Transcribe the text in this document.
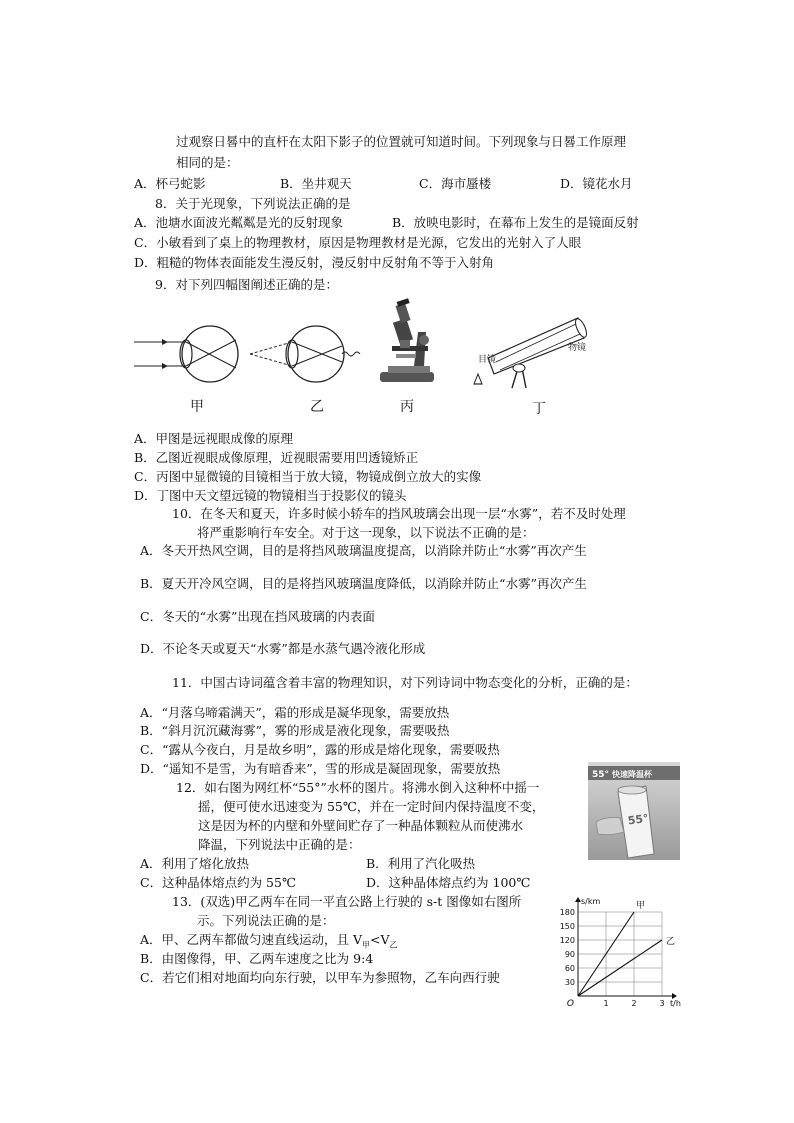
过观察日晷中的直杆在太阳下影子的位置就可知道时间。下列现象与日晷工作原理
相同的是：
A．杯弓蛇影	B．坐井观天	C．海市蜃楼	D．镜花水月
8．关于光现象，下列说法正确的是
A．池塘水面波光粼粼是光的反射现象	B．放映电影时，在幕布上发生的是镜面反射
C．小敏看到了桌上的物理教材，原因是物理教材是光源，它发出的光射入了人眼
D．粗糙的物体表面能发生漫反射，漫反射中反射角不等于入射角
9．对下列四幅图阐述正确的是：
目镜
物镜
甲	乙	丙	丁
A．甲图是远视眼成像的原理
B．乙图近视眼成像原理，近视眼需要用凹透镜矫正
C．丙图中显微镜的目镜相当于放大镜，物镜成倒立放大的实像
D．丁图中天文望远镜的物镜相当于投影仪的镜头
10．在冬天和夏天，许多时候小轿车的挡风玻璃会出现一层“水雾”，若不及时处理
将严重影响行车安全。对于这一现象，以下说法不正确的是：
A．冬天开热风空调，目的是将挡风玻璃温度提高，以消除并防止“水雾”再次产生
B．夏天开冷风空调，目的是将挡风玻璃温度降低，以消除并防止“水雾”再次产生
C．冬天的“水雾”出现在挡风玻璃的内表面
D．不论冬天或夏天“水雾”都是水蒸气遇冷液化形成
11．中国古诗词蕴含着丰富的物理知识，对下列诗词中物态变化的分析，正确的是：
A．“月落乌啼霜满天”，霜的形成是凝华现象，需要放热
B．“斜月沉沉藏海雾”，雾的形成是液化现象，需要吸热
C．“露从今夜白，月是故乡明”，露的形成是熔化现象，需要吸热
D．“遥知不是雪，为有暗香来”，雪的形成是凝固现象，需要放热
12．如右图为网红杯“55°”水杯的图片。将沸水倒入这种杯中摇一
摇，便可使水迅速变为 55℃，并在一定时间内保持温度不变，
这是因为杯的内壁和外壁间贮存了一种晶体颗粒从而使沸水
降温，下列说法中正确的是：
55° 快速降温杯
55°
A．利用了熔化放热	B．利用了汽化吸热
C．这种晶体熔点约为 55℃	D．这种晶体熔点约为 100℃
13．(双选)甲乙两车在同一平直公路上行驶的 s-t 图像如右图所
示。下列说法正确的是：
A．甲、乙两车都做匀速直线运动，且 $V_甲<V_乙$
B．由图像得，甲、乙两车速度之比为 9:4
C．若它们相对地面均向东行驶，以甲车为参照物，乙车向西行驶	30
60
90
120
150
180
1	2	3
O
s/km
t/h
甲
乙
